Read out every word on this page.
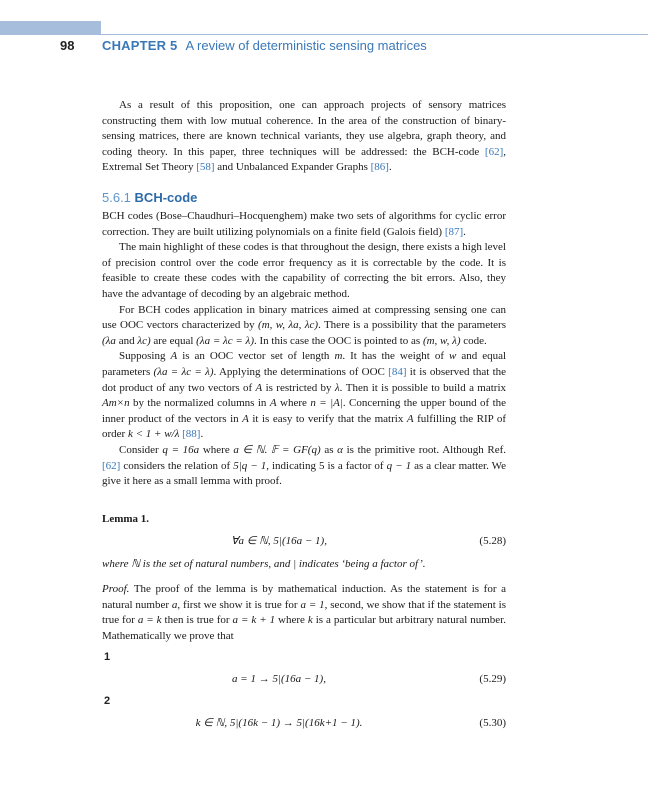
98 CHAPTER 5 A review of deterministic sensing matrices

As a result of this proposition, one can approach projects of sensory matrices constructing them with low mutual coherence. In the area of the construction of binary-sensing matrices, there are known technical variants, they use algebra, graph theory, and coding theory. In this paper, three techniques will be addressed: the BCH-code [62], Extremal Set Theory [58] and Unbalanced Expander Graphs [86].

5.6.1 BCH-code

BCH codes (Bose–Chaudhuri–Hocquenghem) make two sets of algorithms for cyclic error correction. They are built utilizing polynomials on a finite field (Galois field) [87].

The main highlight of these codes is that throughout the design, there exists a high level of precision control over the code error frequency as it is correctable by the code. It is feasible to create these codes with the capability of correcting the bit errors. Also, they have the advantage of decoding by an algebraic method.

For BCH codes application in binary matrices aimed at compressing sensing one can use OOC vectors characterized by (m, w, λa, λc). There is a possibility that the parameters (λa and λc) are equal (λa = λc = λ). In this case the OOC is pointed to as (m, w, λ) code.

Supposing A is an OOC vector set of length m. It has the weight of w and equal parameters (λa = λc = λ). Applying the determinations of OOC [84] it is observed that the dot product of any two vectors of A is restricted by λ. Then it is possible to build a matrix Am×n by the normalized columns in A where n = |A|. Concerning the upper bound of the inner product of the vectors in A it is easy to verify that the matrix A fulfilling the RIP of order k < 1 + w/λ [88].

Consider q = 16a where a ∈ ℕ. 𝔽 = GF(q) as α is the primitive root. Although Ref. [62] considers the relation of 5|q − 1, indicating 5 is a factor of q − 1 as a clear matter. We give it here as a small lemma with proof.

Lemma 1.

∀a ∈ ℕ, 5|(16a − 1),	(5.28)

where ℕ is the set of natural numbers, and | indicates ‘being a factor of’.

Proof. The proof of the lemma is by mathematical induction. As the statement is for a natural number a, first we show it is true for a = 1, second, we show that if the statement is true for a = k then is true for a = k + 1 where k is a particular but arbitrary natural number. Mathematically we prove that

1
a = 1 → 5|(16a − 1),	(5.29)
2
k ∈ ℕ, 5|(16k − 1) → 5|(16k+1 − 1).	(5.30)
